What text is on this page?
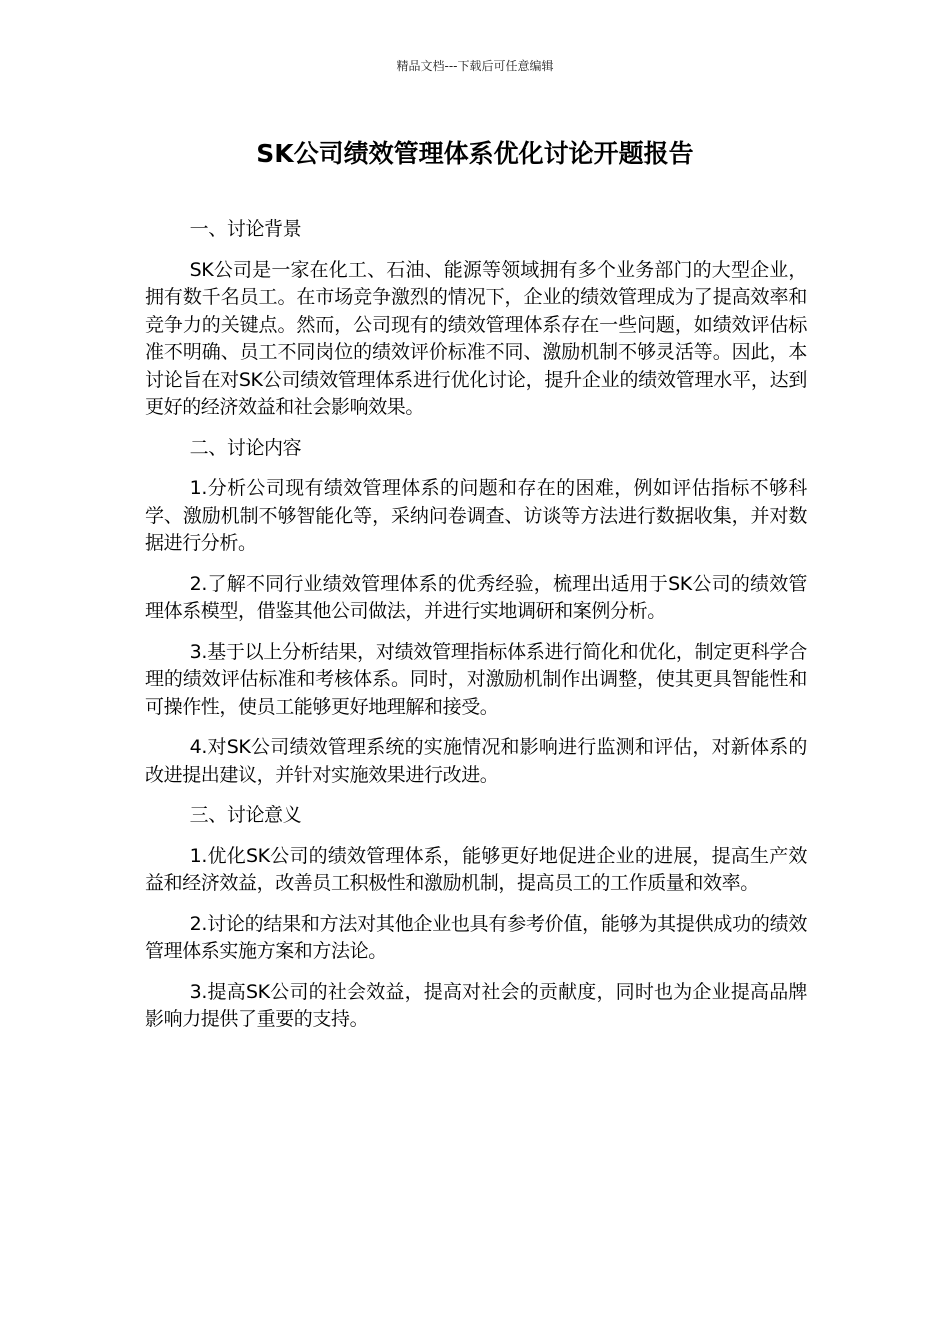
精品文档---下载后可任意编辑
SK公司绩效管理体系优化讨论开题报告

一、讨论背景

SK公司是一家在化工、石油、能源等领域拥有多个业务部门的大型企业，拥有数千名员工。在市场竞争激烈的情况下，企业的绩效管理成为了提高效率和竞争力的关键点。然而，公司现有的绩效管理体系存在一些问题，如绩效评估标准不明确、员工不同岗位的绩效评价标准不同、激励机制不够灵活等。因此，本讨论旨在对SK公司绩效管理体系进行优化讨论，提升企业的绩效管理水平，达到更好的经济效益和社会影响效果。

二、讨论内容

1.分析公司现有绩效管理体系的问题和存在的困难，例如评估指标不够科学、激励机制不够智能化等，采纳问卷调查、访谈等方法进行数据收集，并对数据进行分析。

2.了解不同行业绩效管理体系的优秀经验，梳理出适用于SK公司的绩效管理体系模型，借鉴其他公司做法，并进行实地调研和案例分析。

3.基于以上分析结果，对绩效管理指标体系进行简化和优化，制定更科学合理的绩效评估标准和考核体系。同时，对激励机制作出调整，使其更具智能性和可操作性，使员工能够更好地理解和接受。

4.对SK公司绩效管理系统的实施情况和影响进行监测和评估，对新体系的改进提出建议，并针对实施效果进行改进。

三、讨论意义

1.优化SK公司的绩效管理体系，能够更好地促进企业的进展，提高生产效益和经济效益，改善员工积极性和激励机制，提高员工的工作质量和效率。

2.讨论的结果和方法对其他企业也具有参考价值，能够为其提供成功的绩效管理体系实施方案和方法论。

3.提高SK公司的社会效益，提高对社会的贡献度，同时也为企业提高品牌影响力提供了重要的支持。
